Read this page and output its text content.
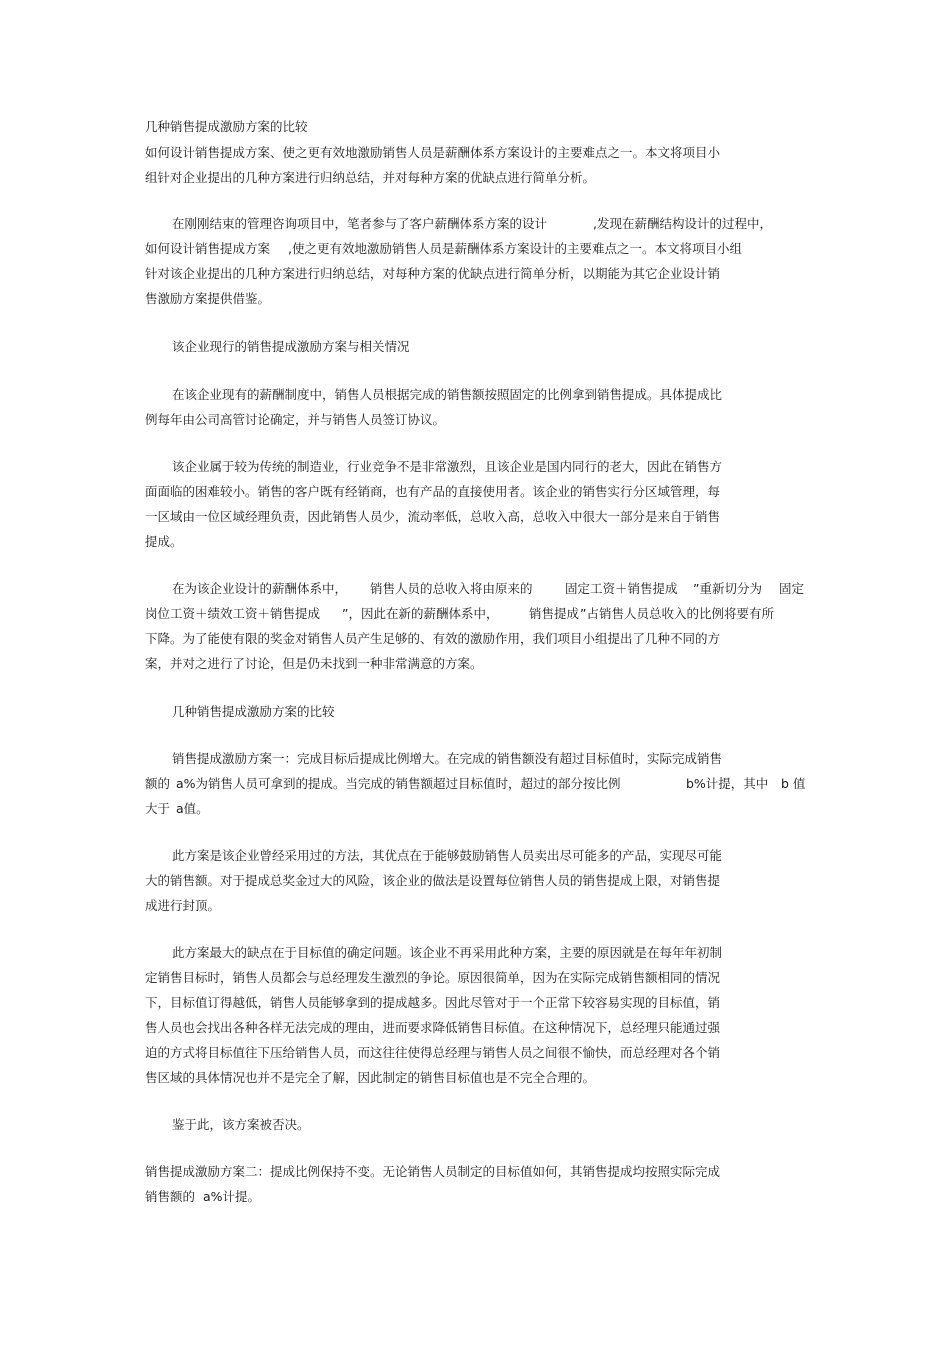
几种销售提成激励方案的比较
如何设计销售提成方案、使之更有效地激励销售人员是薪酬体系方案设计的主要难点之一。本文将项目小
组针对企业提出的几种方案进行归纳总结，并对每种方案的优缺点进行简单分析。
在刚刚结束的管理咨询项目中，笔者参与了客户薪酬体系方案的设计	,发现在薪酬结构设计的过程中，
如何设计销售提成方案 ,使之更有效地激励销售人员是薪酬体系方案设计的主要难点之一。本文将项目小组
针对该企业提出的几种方案进行归纳总结，对每种方案的优缺点进行简单分析，以期能为其它企业设计销
售激励方案提供借鉴。
该企业现行的销售提成激励方案与相关情况
在该企业现有的薪酬制度中，销售人员根据完成的销售额按照固定的比例拿到销售提成。具体提成比
例每年由公司高管讨论确定，并与销售人员签订协议。
该企业属于较为传统的制造业，行业竞争不是非常激烈，且该企业是国内同行的老大，因此在销售方
面面临的困难较小。销售的客户既有经销商，也有产品的直接使用者。该企业的销售实行分区域管理，每
一区域由一位区域经理负责，因此销售人员少，流动率低，总收入高，总收入中很大一部分是来自于销售
提成。
在为该企业设计的薪酬体系中， 销售人员的总收入将由原来的	固定工资＋销售提成 ”重新切分为 固定
岗位工资＋绩效工资＋销售提成 ”，因此在新的薪酬体系中， 销售提成 ”占销售人员总收入的比例将要有所
下降。为了能使有限的奖金对销售人员产生足够的、有效的激励作用，我们项目小组提出了几种不同的方
案，并对之进行了讨论，但是仍未找到一种非常满意的方案。
几种销售提成激励方案的比较
销售提成激励方案一：完成目标后提成比例增大。在完成的销售额没有超过目标值时，实际完成销售
额的 a%为销售人员可拿到的提成。当完成的销售额超过目标值时，超过的部分按比例	b%计提，其中 b 值
大于 a值。
此方案是该企业曾经采用过的方法，其优点在于能够鼓励销售人员卖出尽可能多的产品，实现尽可能
大的销售额。对于提成总奖金过大的风险，该企业的做法是设置每位销售人员的销售提成上限，对销售提
成进行封顶。
此方案最大的缺点在于目标值的确定问题。该企业不再采用此种方案，主要的原因就是在每年年初制
定销售目标时，销售人员都会与总经理发生激烈的争论。原因很简单，因为在实际完成销售额相同的情况
下，目标值订得越低，销售人员能够拿到的提成越多。因此尽管对于一个正常下较容易实现的目标值，销
售人员也会找出各种各样无法完成的理由，进而要求降低销售目标值。在这种情况下，总经理只能通过强
迫的方式将目标值往下压给销售人员，而这往往使得总经理与销售人员之间很不愉快，而总经理对各个销
售区域的具体情况也并不是完全了解，因此制定的销售目标值也是不完全合理的。
鉴于此，该方案被否决。
销售提成激励方案二：提成比例保持不变。无论销售人员制定的目标值如何，其销售提成均按照实际完成
销售额的 a%计提。
